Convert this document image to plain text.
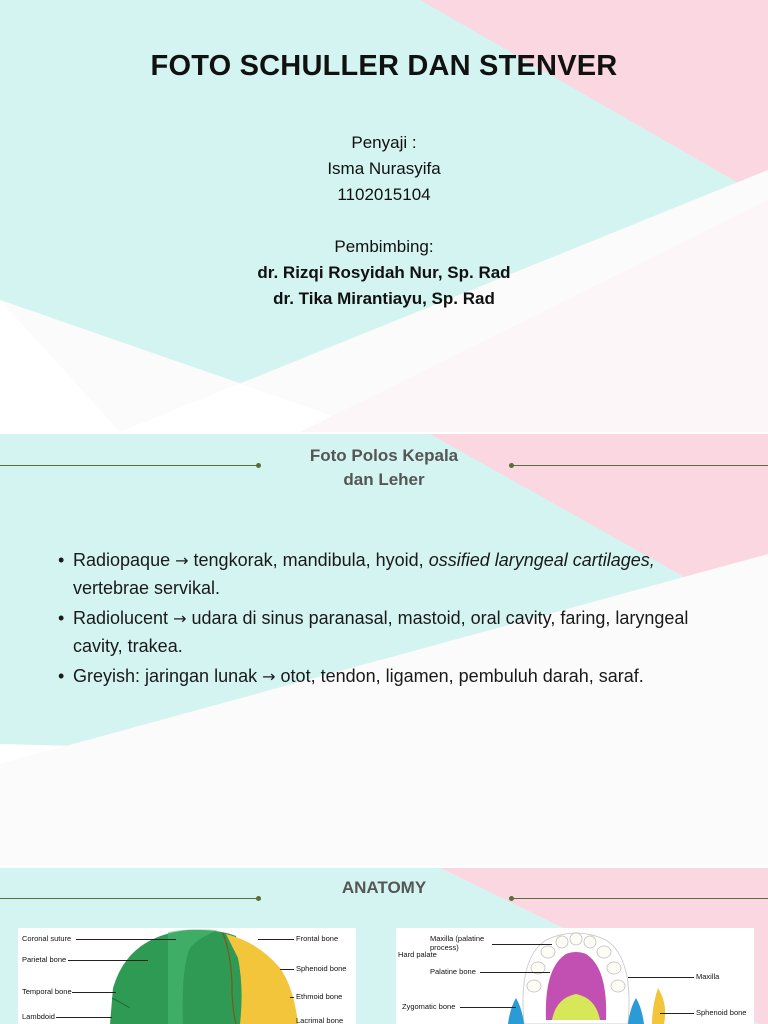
FOTO SCHULLER DAN STENVER
Penyaji :
Isma Nurasyifa
1102015104
Pembimbing:
dr. Rizqi Rosyidah Nur, Sp. Rad
dr. Tika Mirantiayu, Sp. Rad
Foto Polos Kepala
dan Leher
• Radiopaque → tengkorak, mandibula, hyoid, ossified laryngeal cartilages, vertebrae servikal.
• Radiolucent → udara di sinus paranasal, mastoid, oral cavity, faring, laryngeal cavity, trakea.
• Greyish: jaringan lunak → otot, tendon, ligamen, pembuluh darah, saraf.
ANATOMY
Coronal suture
Parietal bone
Temporal bone
Lambdoid
Frontal bone
Sphenoid bone
Ethmoid bone
Lacrimal bone
Hard palate
Maxilla (palatine process)
Palatine bone
Zygomatic bone
Maxilla
Sphenoid bone
